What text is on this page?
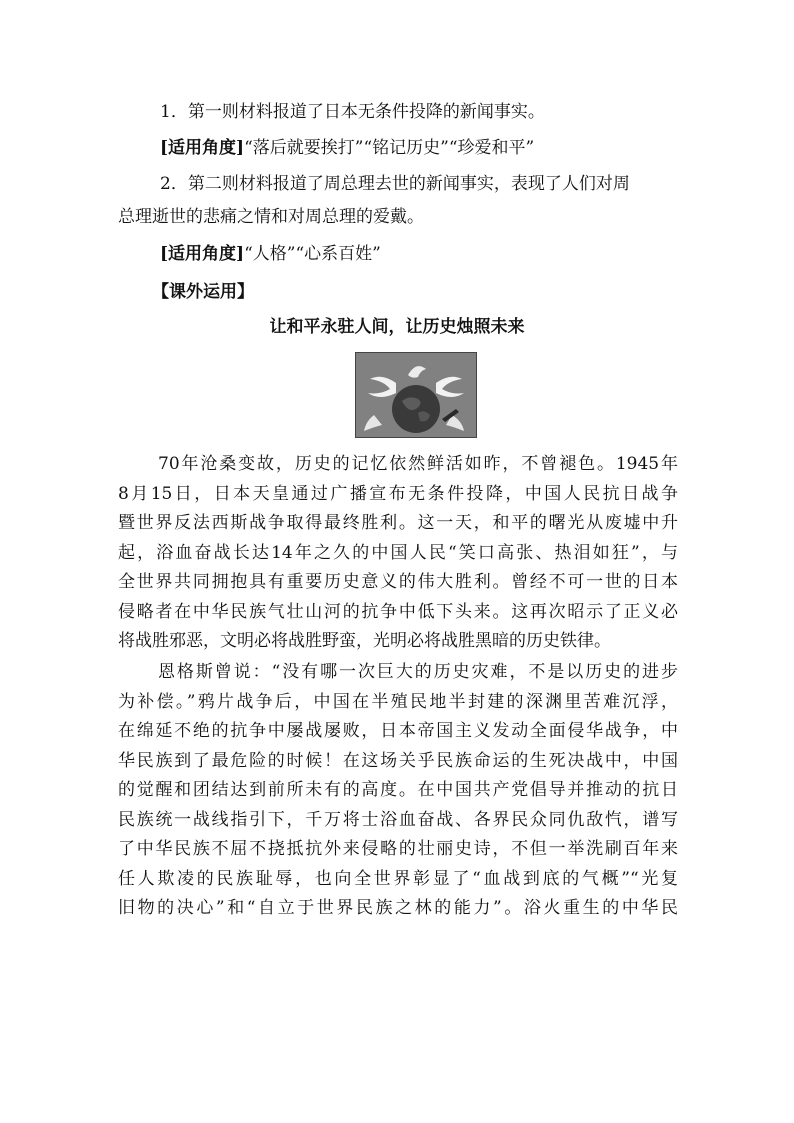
1．第一则材料报道了日本无条件投降的新闻事实。
[适用角度]“落后就要挨打”“铭记历史”“珍爱和平”
2．第二则材料报道了周总理去世的新闻事实，表现了人们对周
总理逝世的悲痛之情和对周总理的爱戴。
[适用角度]“人格”“心系百姓”
【课外运用】
让和平永驻人间，让历史烛照未来
70年沧桑变故，历史的记忆依然鲜活如昨，不曾褪色。1945年
8月15日，日本天皇通过广播宣布无条件投降，中国人民抗日战争
暨世界反法西斯战争取得最终胜利。这一天，和平的曙光从废墟中升
起，浴血奋战长达14年之久的中国人民“笑口高张、热泪如狂”，与
全世界共同拥抱具有重要历史意义的伟大胜利。曾经不可一世的日本
侵略者在中华民族气壮山河的抗争中低下头来。这再次昭示了正义必
将战胜邪恶，文明必将战胜野蛮，光明必将战胜黑暗的历史铁律。
恩格斯曾说：“没有哪一次巨大的历史灾难，不是以历史的进步
为补偿。”鸦片战争后，中国在半殖民地半封建的深渊里苦难沉浮，
在绵延不绝的抗争中屡战屡败，日本帝国主义发动全面侵华战争，中
华民族到了最危险的时候！在这场关乎民族命运的生死决战中，中国
的觉醒和团结达到前所未有的高度。在中国共产党倡导并推动的抗日
民族统一战线指引下，千万将士浴血奋战、各界民众同仇敌忾，谱写
了中华民族不屈不挠抵抗外来侵略的壮丽史诗，不但一举洗刷百年来
任人欺凌的民族耻辱，也向全世界彰显了“血战到底的气概”“光复
旧物的决心”和“自立于世界民族之林的能力”。浴火重生的中华民
